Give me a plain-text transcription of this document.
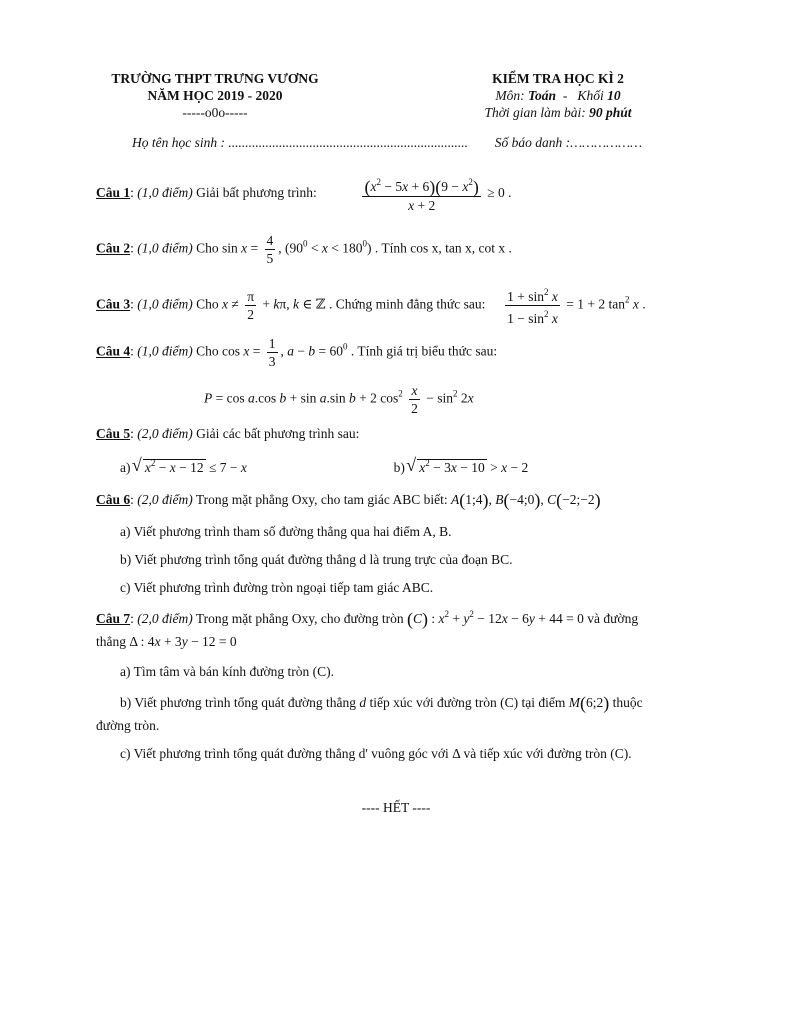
TRƯỜNG THPT TRƯNG VƯƠNG
NĂM HỌC 2019 - 2020
-----o0o-----
KIỂM TRA HỌC KÌ 2
Môn: Toán  -   Khối 10
Thời gian làm bài: 90 phút
Họ tên học sinh : ....................................................................... Số báo danh :………………
Câu 1: (1,0 điểm) Giải bất phương trình:	$\frac{(x^2 - 5x + 6)(9 - x^2)}{x + 2} \ge 0$ .
Câu 2: (1,0 điểm) Cho $\sin x = \frac{4}{5}$ , $(90^0 < x < 180^0)$ . Tính cos x, tan x, cot x .
Câu 3: (1,0 điểm) Cho $x \ne \frac{\pi}{2} + k\pi$, k ∈ ℤ . Chứng minh đẳng thức sau: $\frac{1 + \sin^2 x}{1 - \sin^2 x} = 1 + 2$ $\tan^2 x$ .
Câu 4: (1,0 điểm) Cho $\cos x = \frac{1}{3}$ , $a - b = 60^0$ . Tính giá trị biểu thức sau:
P = cos a.cos b + sin a.sin b + 2 $\cos^2 \frac{x}{2} - \sin^2 2x$
Câu 5: (2,0 điểm) Giải các bất phương trình sau:
a) √ $x^2 - x - 12 \le 7 - x$	b) √ $x^2 - 3x - 10 > x - 2$
Câu 6: (2,0 điểm) Trong mặt phẳng Oxy, cho tam giác ABC biết: A(1;4), B(−4;0), C(−2;−2)
a) Viết phương trình tham số đường thẳng qua hai điểm A, B.
b) Viết phương trình tổng quát đường thẳng d là trung trực của đoạn BC.
c) Viết phương trình đường tròn ngoại tiếp tam giác ABC.
Câu 7: (2,0 điểm) Trong mặt phẳng Oxy, cho đường tròn (C) : $x^2 + y^2 - 12x - 6y + 44 = 0$ và đường
thẳng Δ : 4x + 3y − 12 = 0
a) Tìm tâm và bán kính đường tròn (C).
b) Viết phương trình tổng quát đường thẳng d tiếp xúc với đường tròn (C) tại điểm M(6;2) thuộc
đường tròn.
c) Viết phương trình tổng quát đường thẳng d' vuông góc với Δ và tiếp xúc với đường tròn (C).
---- HẾT ----
